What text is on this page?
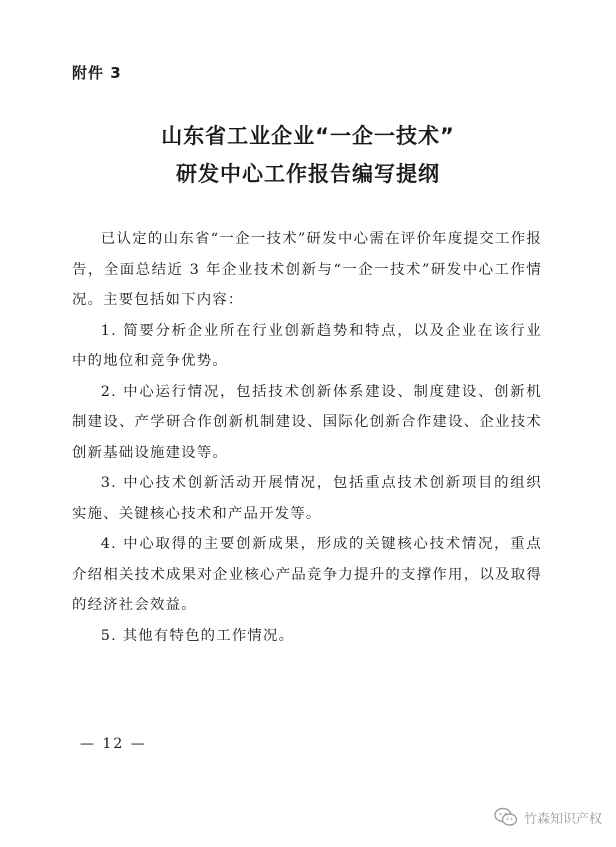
附件 3
山东省工业企业“一企一技术”
研发中心工作报告编写提纲

已认定的山东省“一企一技术”研发中心需在评价年度提交工作报告，全面总结近 3 年企业技术创新与“一企一技术”研发中心工作情况。主要包括如下内容：

1. 简要分析企业所在行业创新趋势和特点，以及企业在该行业中的地位和竞争优势。

2. 中心运行情况，包括技术创新体系建设、制度建设、创新机制建设、产学研合作创新机制建设、国际化创新合作建设、企业技术创新基础设施建设等。

3. 中心技术创新活动开展情况，包括重点技术创新项目的组织实施、关键核心技术和产品开发等。

4. 中心取得的主要创新成果，形成的关键核心技术情况，重点介绍相关技术成果对企业核心产品竞争力提升的支撑作用，以及取得的经济社会效益。

5. 其他有特色的工作情况。

— 12 —
竹森知识产权
